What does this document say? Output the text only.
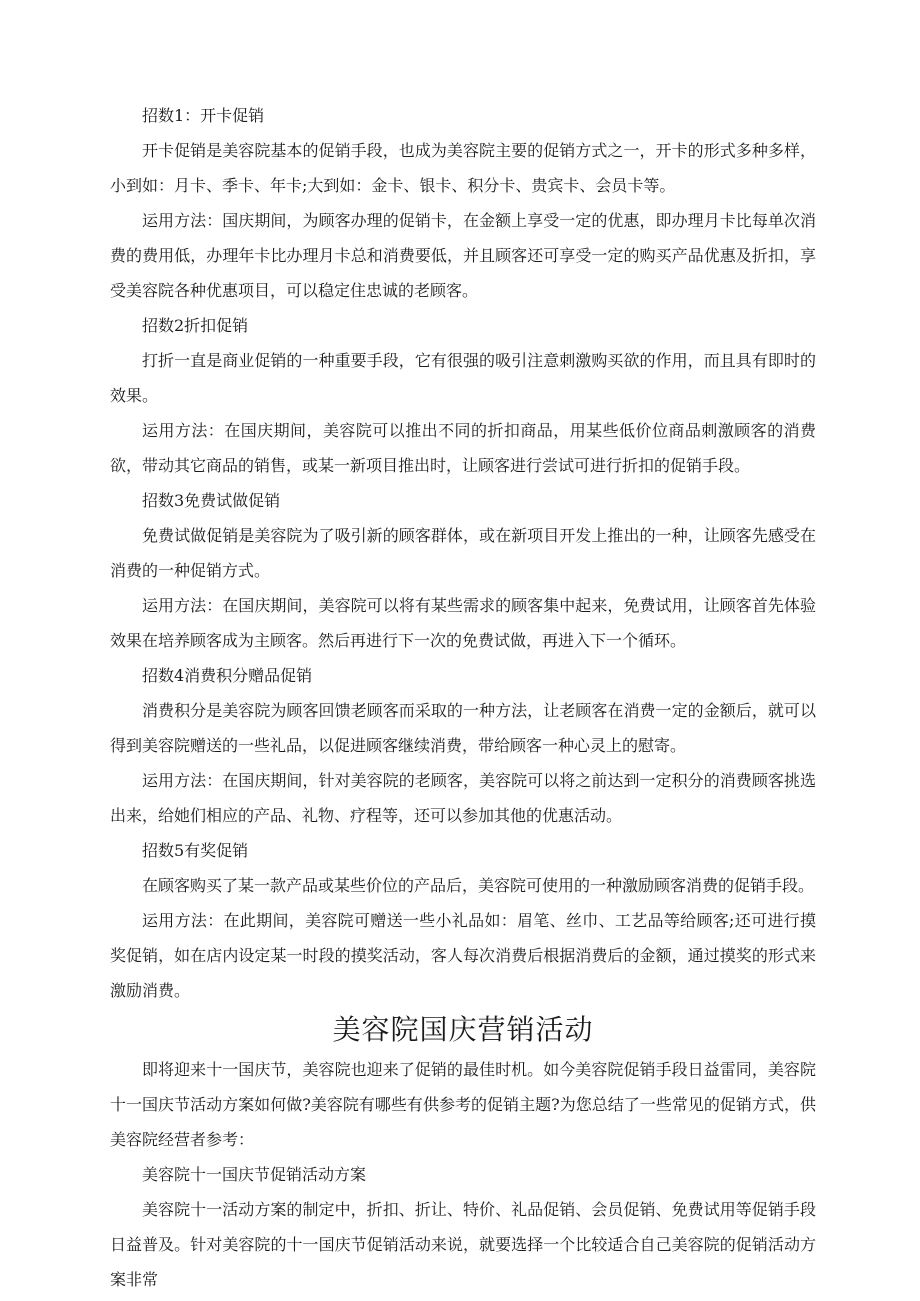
招数1：开卡促销

开卡促销是美容院基本的促销手段，也成为美容院主要的促销方式之一，开卡的形式多种多样，小到如：月卡、季卡、年卡;大到如：金卡、银卡、积分卡、贵宾卡、会员卡等。

运用方法：国庆期间，为顾客办理的促销卡，在金额上享受一定的优惠，即办理月卡比每单次消费的费用低，办理年卡比办理月卡总和消费要低，并且顾客还可享受一定的购买产品优惠及折扣，享受美容院各种优惠项目，可以稳定住忠诚的老顾客。

招数2折扣促销

打折一直是商业促销的一种重要手段，它有很强的吸引注意刺激购买欲的作用，而且具有即时的效果。

运用方法：在国庆期间，美容院可以推出不同的折扣商品，用某些低价位商品刺激顾客的消费欲，带动其它商品的销售，或某一新项目推出时，让顾客进行尝试可进行折扣的促销手段。

招数3免费试做促销

免费试做促销是美容院为了吸引新的顾客群体，或在新项目开发上推出的一种，让顾客先感受在消费的一种促销方式。

运用方法：在国庆期间，美容院可以将有某些需求的顾客集中起来，免费试用，让顾客首先体验效果在培养顾客成为主顾客。然后再进行下一次的免费试做，再进入下一个循环。

招数4消费积分赠品促销

消费积分是美容院为顾客回馈老顾客而采取的一种方法，让老顾客在消费一定的金额后，就可以得到美容院赠送的一些礼品，以促进顾客继续消费，带给顾客一种心灵上的慰寄。

运用方法：在国庆期间，针对美容院的老顾客，美容院可以将之前达到一定积分的消费顾客挑选出来，给她们相应的产品、礼物、疗程等，还可以参加其他的优惠活动。

招数5有奖促销

在顾客购买了某一款产品或某些价位的产品后，美容院可使用的一种激励顾客消费的促销手段。

运用方法：在此期间，美容院可赠送一些小礼品如：眉笔、丝巾、工艺品等给顾客;还可进行摸奖促销，如在店内设定某一时段的摸奖活动，客人每次消费后根据消费后的金额，通过摸奖的形式来激励消费。

美容院国庆营销活动

即将迎来十一国庆节，美容院也迎来了促销的最佳时机。如今美容院促销手段日益雷同，美容院十一国庆节活动方案如何做?美容院有哪些有供参考的促销主题?为您总结了一些常见的促销方式，供美容院经营者参考：

美容院十一国庆节促销活动方案

美容院十一活动方案的制定中，折扣、折让、特价、礼品促销、会员促销、免费试用等促销手段日益普及。针对美容院的十一国庆节促销活动来说，就要选择一个比较适合自己美容院的促销活动方案非常
